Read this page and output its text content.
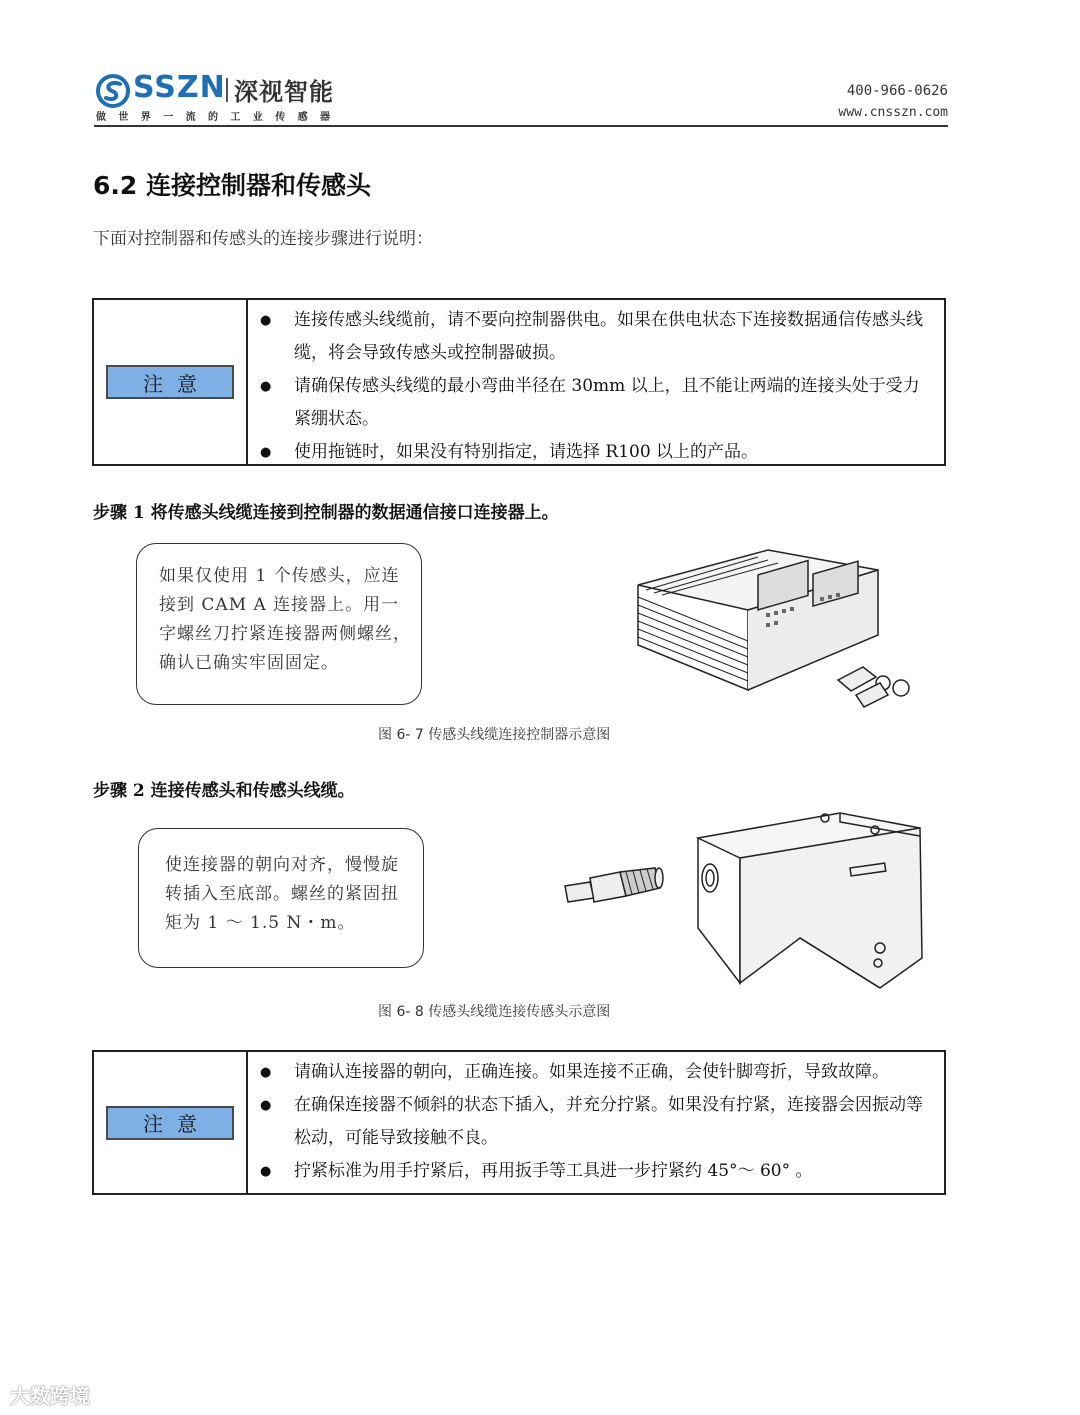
SSZN 深视智能
做世界一流的工业传感器
400-966-0626
www.cnsszn.com
6.2 连接控制器和传感头
下面对控制器和传感头的连接步骤进行说明：
注意
● 连接传感头线缆前，请不要向控制器供电。如果在供电状态下连接数据通信传感头线缆，将会导致传感头或控制器破损。
● 请确保传感头线缆的最小弯曲半径在 30mm 以上，且不能让两端的连接头处于受力紧绷状态。
● 使用拖链时，如果没有特别指定，请选择 R100 以上的产品。
步骤 1 将传感头线缆连接到控制器的数据通信接口连接器上。
如果仅使用 1 个传感头，应连接到 CAM A 连接器上。用一字螺丝刀拧紧连接器两侧螺丝，确认已确实牢固固定。
图 6- 7 传感头线缆连接控制器示意图
步骤 2 连接传感头和传感头线缆。
使连接器的朝向对齐，慢慢旋转插入至底部。螺丝的紧固扭矩为 1 ～ 1.5 N・m。
图 6- 8 传感头线缆连接传感头示意图
注意
● 请确认连接器的朝向，正确连接。如果连接不正确，会使针脚弯折，导致故障。
● 在确保连接器不倾斜的状态下插入，并充分拧紧。如果没有拧紧，连接器会因振动等松动，可能导致接触不良。
● 拧紧标准为用手拧紧后，再用扳手等工具进一步拧紧约 45°～ 60° 。
大数跨境
